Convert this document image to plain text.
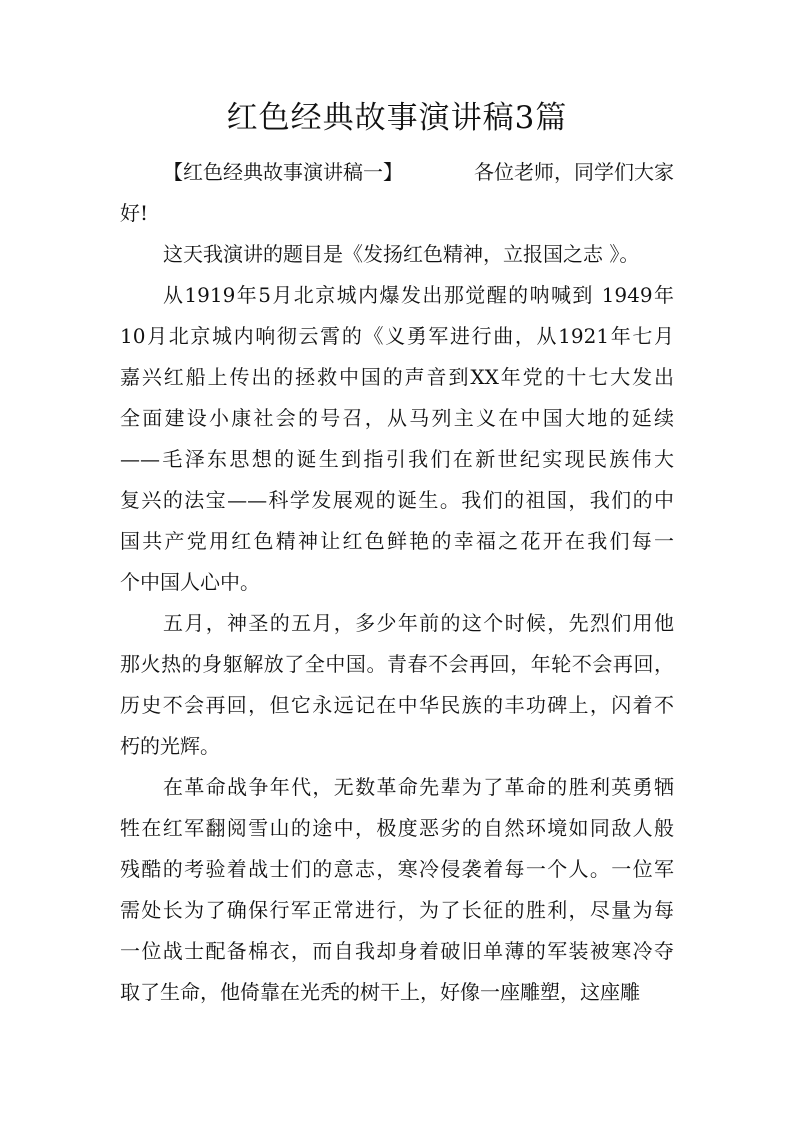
红色经典故事演讲稿3篇
【红色经典故事演讲稿一】	各位老师，同学们大家
好!
这天我演讲的题目是《发扬红色精神，立报国之志 》。
从1919年5月北京城内爆发出那觉醒的呐喊到 1949年
10月北京城内响彻云霄的《义勇军进行曲，从1921年七月
嘉兴红船上传出的拯救中国的声音到XX年党的十七大发出
全面建设小康社会的号召，从马列主义在中国大地的延续
——毛泽东思想的诞生到指引我们在新世纪实现民族伟大
复兴的法宝——科学发展观的诞生。我们的祖国，我们的中
国共产党用红色精神让红色鲜艳的幸福之花开在我们每一
个中国人心中。
五月，神圣的五月，多少年前的这个时候，先烈们用他
那火热的身躯解放了全中国。青春不会再回，年轮不会再回，
历史不会再回，但它永远记在中华民族的丰功碑上，闪着不
朽的光辉。
在革命战争年代，无数革命先辈为了革命的胜利英勇牺
牲在红军翻阅雪山的途中，极度恶劣的自然环境如同敌人般
残酷的考验着战士们的意志，寒冷侵袭着每一个人。一位军
需处长为了确保行军正常进行，为了长征的胜利，尽量为每
一位战士配备棉衣，而自我却身着破旧单薄的军装被寒冷夺
取了生命，他倚靠在光秃的树干上，好像一座雕塑，这座雕
